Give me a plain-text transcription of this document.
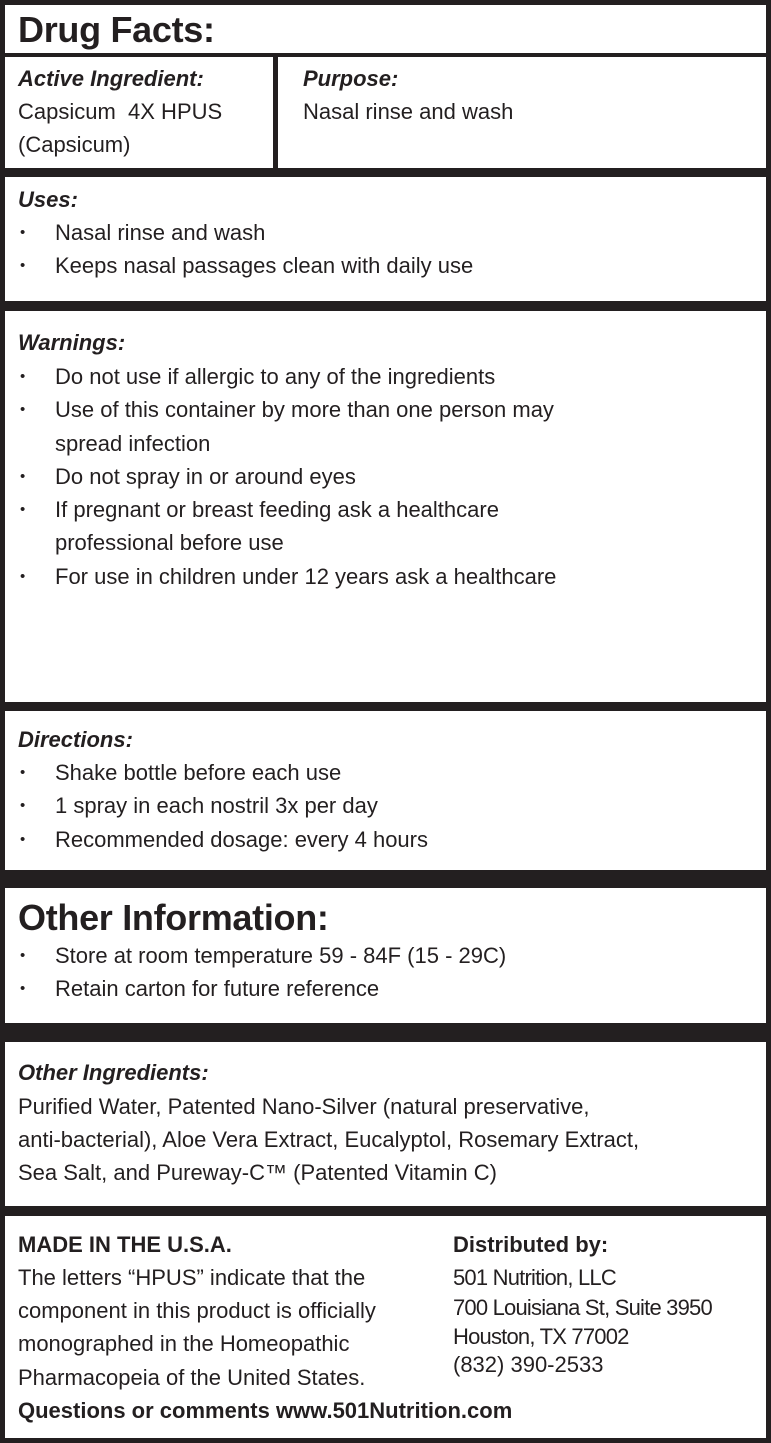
Drug Facts:

Active Ingredient:

Capsicum  4X HPUS

(Capsicum)

Purpose:

Nasal rinse and wash

Uses:

• Nasal rinse and wash
• Keeps nasal passages clean with daily use

Warnings:

• Do not use if allergic to any of the ingredients
• Use of this container by more than one person may spread infection
• Do not spray in or around eyes
• If pregnant or breast feeding ask a healthcare professional before use
• For use in children under 12 years ask a healthcare

Directions:

• Shake bottle before each use
• 1 spray in each nostril 3x per day
• Recommended dosage: every 4 hours
Other Information:
• Store at room temperature 59 - 84F (15 - 29C)
• Retain carton for future reference

Other Ingredients:

Purified Water, Patented Nano-Silver (natural preservative,

anti-bacterial), Aloe Vera Extract, Eucalyptol, Rosemary Extract,

Sea Salt, and Pureway-C™ (Patented Vitamin C)

MADE IN THE U.S.A.

The letters “HPUS” indicate that the

component in this product is officially

monographed in the Homeopathic

Pharmacopeia of the United States.

Distributed by:

501 Nutrition, LLC

700 Louisiana St, Suite 3950

Houston, TX 77002

(832) 390-2533

Questions or comments www.501Nutrition.com
